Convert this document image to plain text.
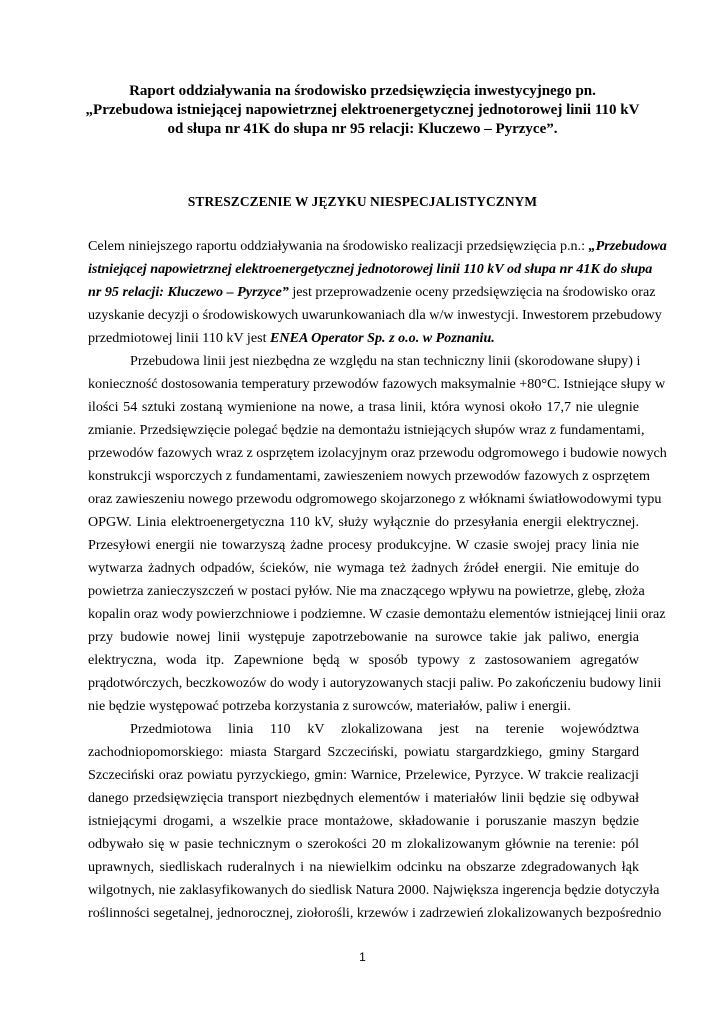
Raport oddziaływania na środowisko przedsięwzięcia inwestycyjnego pn.
„Przebudowa istniejącej napowietrznej elektroenergetycznej jednotorowej linii 110 kV
od słupa nr 41K do słupa nr 95 relacji: Kluczewo – Pyrzyce”.
STRESZCZENIE W JĘZYKU NIESPECJALISTYCZNYM
Celem niniejszego raportu oddziaływania na środowisko realizacji przedsięwzięcia p.n.: „Przebudowa
istniejącej napowietrznej elektroenergetycznej jednotorowej linii 110 kV od słupa nr 41K do słupa
nr 95 relacji: Kluczewo – Pyrzyce” jest przeprowadzenie oceny przedsięwzięcia na środowisko oraz
uzyskanie decyzji o środowiskowych uwarunkowaniach dla w/w inwestycji. Inwestorem przebudowy
przedmiotowej linii 110 kV jest ENEA Operator Sp. z o.o. w Poznaniu.
Przebudowa linii jest niezbędna ze względu na stan techniczny linii (skorodowane słupy) i
konieczność dostosowania temperatury przewodów fazowych maksymalnie +80°C. Istniejące słupy w
ilości 54 sztuki zostaną wymienione na nowe, a trasa linii, która wynosi około 17,7 nie ulegnie
zmianie. Przedsięwzięcie polegać będzie na demontażu istniejących słupów wraz z fundamentami,
przewodów fazowych wraz z osprzętem izolacyjnym oraz przewodu odgromowego i budowie nowych
konstrukcji wsporczych z fundamentami, zawieszeniem nowych przewodów fazowych z osprzętem
oraz zawieszeniu nowego przewodu odgromowego skojarzonego z włóknami światłowodowymi typu
OPGW. Linia elektroenergetyczna 110 kV, służy wyłącznie do przesyłania energii elektrycznej.
Przesyłowi energii nie towarzyszą żadne procesy produkcyjne. W czasie swojej pracy linia nie
wytwarza żadnych odpadów, ścieków, nie wymaga też żadnych źródeł energii. Nie emituje do
powietrza zanieczyszczeń w postaci pyłów. Nie ma znaczącego wpływu na powietrze, glebę, złoża
kopalin oraz wody powierzchniowe i podziemne. W czasie demontażu elementów istniejącej linii oraz
przy budowie nowej linii występuje zapotrzebowanie na surowce takie jak paliwo, energia
elektryczna, woda itp. Zapewnione będą w sposób typowy z zastosowaniem agregatów
prądotwórczych, beczkowozów do wody i autoryzowanych stacji paliw. Po zakończeniu budowy linii
nie będzie występować potrzeba korzystania z surowców, materiałów, paliw i energii.
Przedmiotowa linia 110 kV zlokalizowana jest na terenie województwa
zachodniopomorskiego: miasta Stargard Szczeciński, powiatu stargardzkiego, gminy Stargard
Szczeciński oraz powiatu pyrzyckiego, gmin: Warnice, Przelewice, Pyrzyce. W trakcie realizacji
danego przedsięwzięcia transport niezbędnych elementów i materiałów linii będzie się odbywał
istniejącymi drogami, a wszelkie prace montażowe, składowanie i poruszanie maszyn będzie
odbywało się w pasie technicznym o szerokości 20 m zlokalizowanym głównie na terenie: pól
uprawnych, siedliskach ruderalnych i na niewielkim odcinku na obszarze zdegradowanych łąk
wilgotnych, nie zaklasyfikowanych do siedlisk Natura 2000. Największa ingerencja będzie dotyczyła
roślinności segetalnej, jednorocznej, ziołorośli, krzewów i zadrzewień zlokalizowanych bezpośrednio
1
